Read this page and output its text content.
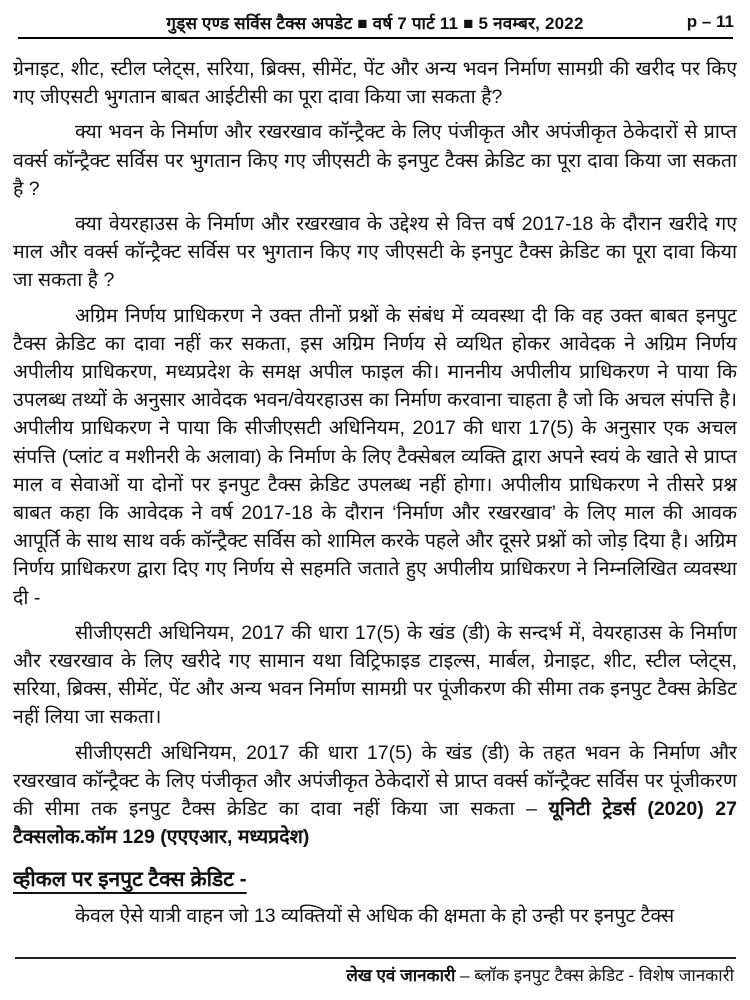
गुड्स एण्ड सर्विस टैक्स अपडेट ■ वर्ष 7 पार्ट 11 ■ 5 नवम्बर, 2022	p – 11

ग्रेनाइट, शीट, स्टील प्लेट्स, सरिया, ब्रिक्स, सीमेंट, पेंट और अन्य भवन निर्माण सामग्री की खरीद पर किए गए जीएसटी भुगतान बाबत आईटीसी का पूरा दावा किया जा सकता है?

क्या भवन के निर्माण और रखरखाव कॉन्ट्रैक्ट के लिए पंजीकृत और अपंजीकृत ठेकेदारों से प्राप्त वर्क्स कॉन्ट्रैक्ट सर्विस पर भुगतान किए गए जीएसटी के इनपुट टैक्स क्रेडिट का पूरा दावा किया जा सकता है ?

क्या वेयरहाउस के निर्माण और रखरखाव के उद्देश्य से वित्त वर्ष 2017-18 के दौरान खरीदे गए माल और वर्क्स कॉन्ट्रैक्ट सर्विस पर भुगतान किए गए जीएसटी के इनपुट टैक्स क्रेडिट का पूरा दावा किया जा सकता है ?

अग्रिम निर्णय प्राधिकरण ने उक्त तीनों प्रश्नों के संबंध में व्यवस्था दी कि वह उक्त बाबत इनपुट टैक्स क्रेडिट का दावा नहीं कर सकता, इस अग्रिम निर्णय से व्यथित होकर आवेदक ने अग्रिम निर्णय अपीलीय प्राधिकरण, मध्यप्रदेश के समक्ष अपील फाइल की। माननीय अपीलीय प्राधिकरण ने पाया कि उपलब्ध तथ्यों के अनुसार आवेदक भवन/वेयरहाउस का निर्माण करवाना चाहता है जो कि अचल संपत्ति है। अपीलीय प्राधिकरण ने पाया कि सीजीएसटी अधिनियम, 2017 की धारा 17(5) के अनुसार एक अचल संपत्ति (प्लांट व मशीनरी के अलावा) के निर्माण के लिए टैक्सेबल व्यक्ति द्वारा अपने स्वयं के खाते से प्राप्त माल व सेवाओं या दोनों पर इनपुट टैक्स क्रेडिट उपलब्ध नहीं होगा। अपीलीय प्राधिकरण ने तीसरे प्रश्न बाबत कहा कि आवेदक ने वर्ष 2017-18 के दौरान ‘निर्माण और रखरखाव’ के लिए माल की आवक आपूर्ति के साथ साथ वर्क कॉन्ट्रैक्ट सर्विस को शामिल करके पहले और दूसरे प्रश्नों को जोड़ दिया है। अग्रिम निर्णय प्राधिकरण द्वारा दिए गए निर्णय से सहमति जताते हुए अपीलीय प्राधिकरण ने निम्नलिखित व्यवस्था दी -

सीजीएसटी अधिनियम, 2017 की धारा 17(5) के खंड (डी) के सन्दर्भ में, वेयरहाउस के निर्माण और रखरखाव के लिए खरीदे गए सामान यथा विट्रिफाइड टाइल्स, मार्बल, ग्रेनाइट, शीट, स्टील प्लेट्स, सरिया, ब्रिक्स, सीमेंट, पेंट और अन्य भवन निर्माण सामग्री पर पूंजीकरण की सीमा तक इनपुट टैक्स क्रेडिट नहीं लिया जा सकता।

सीजीएसटी अधिनियम, 2017 की धारा 17(5) के खंड (डी) के तहत भवन के निर्माण और रखरखाव कॉन्ट्रैक्ट के लिए पंजीकृत और अपंजीकृत ठेकेदारों से प्राप्त वर्क्स कॉन्ट्रैक्ट सर्विस पर पूंजीकरण की सीमा तक इनपुट टैक्स क्रेडिट का दावा नहीं किया जा सकता – यूनिटी ट्रेडर्स (2020) 27 टैक्सलोक.कॉम 129 (एएएआर, मध्यप्रदेश)

व्हीकल पर इनपुट टैक्स क्रेडिट -

केवल ऐसे यात्री वाहन जो 13 व्यक्तियों से अधिक की क्षमता के हो उन्ही पर इनपुट टैक्स

लेख एवं जानकारी – ब्लॉक इनपुट टैक्स क्रेडिट - विशेष जानकारी
